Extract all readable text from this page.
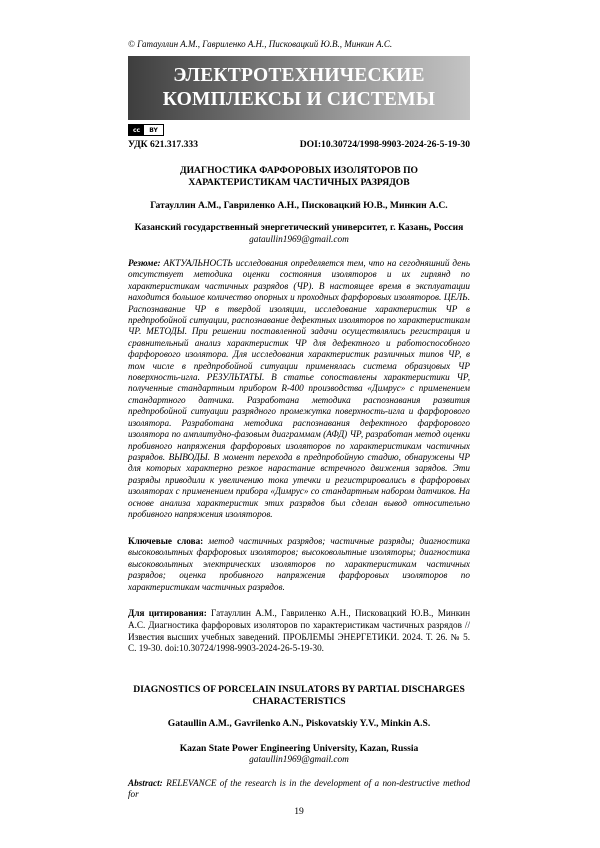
© Гатауллин А.М., Гавриленко А.Н., Писковацкий Ю.В., Минкин А.С.
ЭЛЕКТРОТЕХНИЧЕСКИЕ
КОМПЛЕКСЫ И СИСТЕМЫ
cc	BY
УДК 621.317.333	DOI:10.30724/1998-9903-2024-26-5-19-30
ДИАГНОСТИКА ФАРФОРОВЫХ ИЗОЛЯТОРОВ ПО ХАРАКТЕРИСТИКАМ ЧАСТИЧНЫХ РАЗРЯДОВ
Гатауллин А.М., Гавриленко А.Н., Писковацкий Ю.В., Минкин А.С.
Казанский государственный энергетический университет, г. Казань, Россия
gataullin1969@gmail.com
Резюме: АКТУАЛЬНОСТЬ исследования определяется тем, что на сегодняшний день отсутствует методика оценки состояния изоляторов и их гирлянд по характеристикам частичных разрядов (ЧР). В настоящее время в эксплуатации находится большое количество опорных и проходных фарфоровых изоляторов. ЦЕЛЬ. Распознавание ЧР в твердой изоляции, исследование характеристик ЧР в предпробойной ситуации, распознавание дефектных изоляторов по характеристикам ЧР. МЕТОДЫ. При решении поставленной задачи осуществлялись регистрация и сравнительный анализ характеристик ЧР для дефектного и работоспособного фарфорового изолятора. Для исследования характеристик различных типов ЧР, в том числе в предпробойной ситуации применялась система образцовых ЧР поверхность-игла. РЕЗУЛЬТАТЫ. В статье сопоставлены характеристики ЧР, полученные стандартным прибором R-400 производства «Димрус» с применением стандартного датчика. Разработана методика распознавания развития предпробойной ситуации разрядного промежутка поверхность-игла и фарфорового изолятора. Разработана методика распознавания дефектного фарфорового изолятора по амплитудно-фазовым диаграммам (АФД) ЧР, разработан метод оценки пробивного напряжения фарфоровых изоляторов по характеристикам частичных разрядов. ВЫВОДЫ. В момент перехода в предпробойную стадию, обнаружены ЧР для которых характерно резкое нарастание встречного движения зарядов. Эти разряды приводили к увеличению тока утечки и регистрировались в фарфоровых изоляторах с применением прибора «Димрус» со стандартным набором датчиков. На основе анализа характеристик этих разрядов был сделан вывод относительно пробивного напряжения изоляторов.
Ключевые слова: метод частичных разрядов; частичные разряды; диагностика высоковольтных фарфоровых изоляторов; высоковольтные изоляторы; диагностика высоковольтных электрических изоляторов по характеристикам частичных разрядов; оценка пробивного напряжения фарфоровых изоляторов по характеристикам частичных разрядов.
Для цитирования: Гатауллин А.М., Гавриленко А.Н., Писковацкий Ю.В., Минкин А.С. Диагностика фарфоровых изоляторов по характеристикам частичных разрядов // Известия высших учебных заведений. ПРОБЛЕМЫ ЭНЕРГЕТИКИ. 2024. Т. 26. № 5. С. 19-30. doi:10.30724/1998-9903-2024-26-5-19-30.
DIAGNOSTICS OF PORCELAIN INSULATORS BY PARTIAL DISCHARGES CHARACTERISTICS
Gataullin A.M., Gavrilenko A.N., Piskovatskiy Y.V., Minkin A.S.
Kazan State Power Engineering University, Kazan, Russia
gataullin1969@gmail.com
Abstract: RELEVANCE of the research is in the development of a non-destructive method for
19
